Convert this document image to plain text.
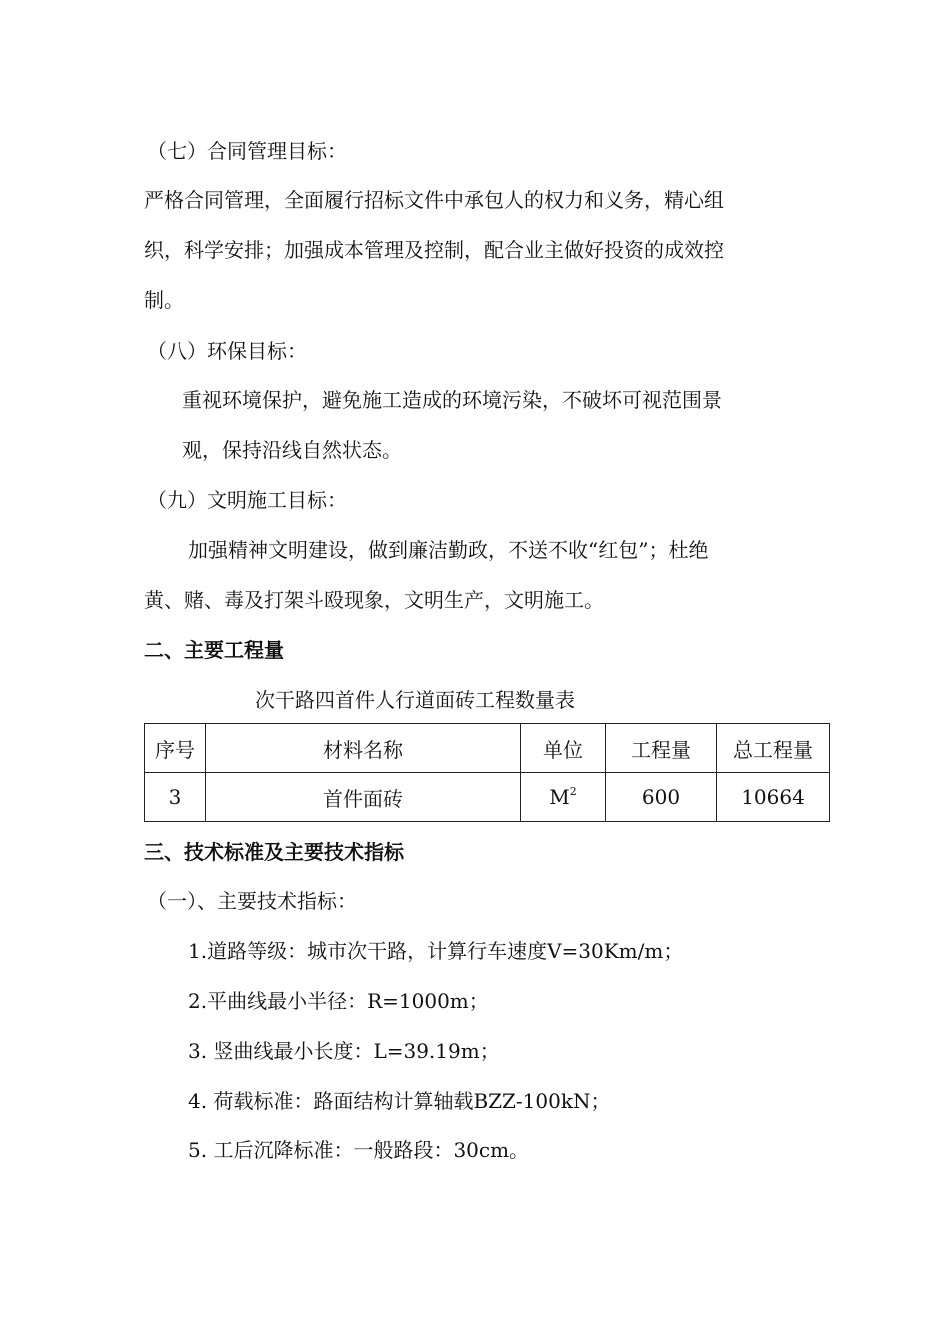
（七）合同管理目标：
严格合同管理，全面履行招标文件中承包人的权力和义务，精心组
织，科学安排；加强成本管理及控制，配合业主做好投资的成效控
制。
（八）环保目标：
重视环境保护，避免施工造成的环境污染，不破坏可视范围景
观，保持沿线自然状态。
（九）文明施工目标：
加强精神文明建设，做到廉洁勤政，不送不收“红包”；杜绝
黄、赌、毒及打架斗殴现象，文明生产，文明施工。
二、主要工程量
次干路四首件人行道面砖工程数量表
序号	材料名称	单位	工程量	总工程量
3	首件面砖	$M^2$	600	10664
三、技术标准及主要技术指标
（一）、主要技术指标：
1.道路等级：城市次干路，计算行车速度V=30Km/m；
2.平曲线最小半径：R=1000m；
3. 竖曲线最小长度：L=39.19m；
4. 荷载标准：路面结构计算轴载BZZ-100kN；
5. 工后沉降标准：一般路段：30cm。
